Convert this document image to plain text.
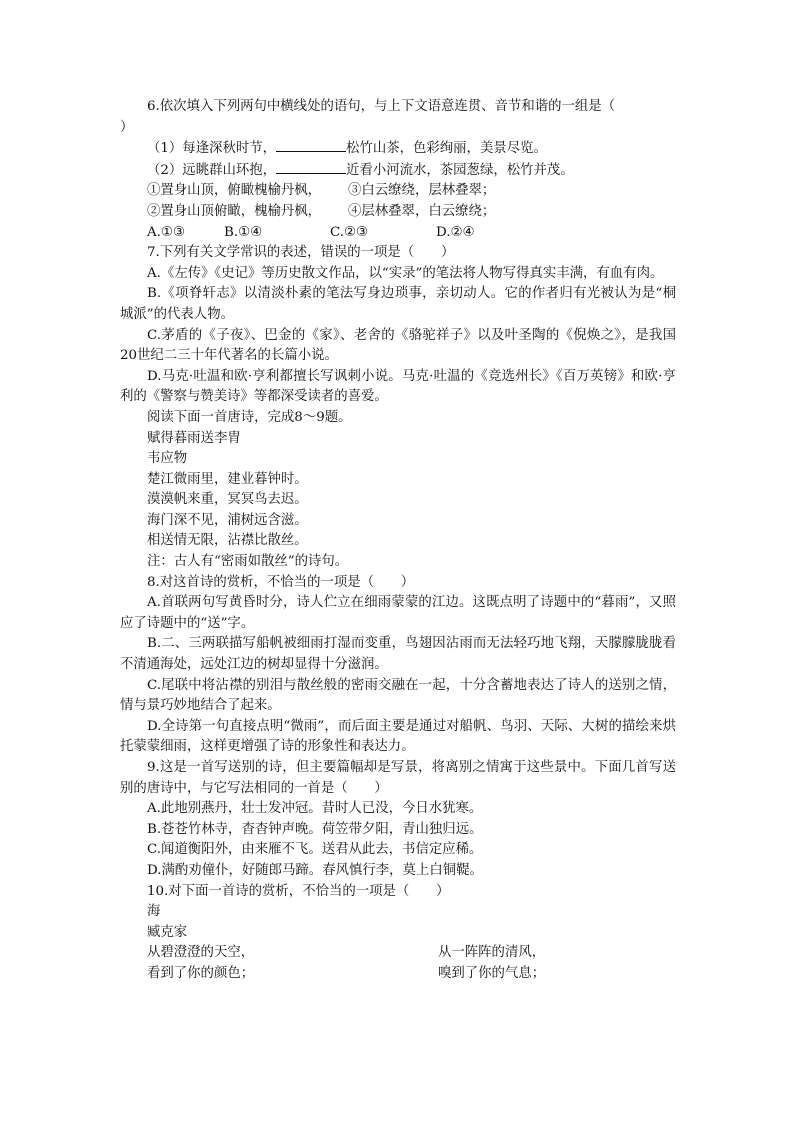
6.依次填入下列两句中横线处的语句，与上下文语意连贯、音节和谐的一组是（

）

（1）每逢深秋时节，	松竹山茶，色彩绚丽，美景尽览。

（2）远眺群山环抱，	近看小河流水，茶园葱绿，松竹并茂。

①置身山顶，俯瞰槐榆丹枫， ③白云缭绕，层林叠翠；

②置身山顶俯瞰，槐榆丹枫， ④层林叠翠，白云缭绕；

A.①③	B.①④	C.②③	D.②④

7.下列有关文学常识的表述，错误的一项是（　　）

A.《左传》《史记》等历史散文作品，以“实录”的笔法将人物写得真实丰满，有血有肉。

B.《项脊轩志》以清淡朴素的笔法写身边琐事，亲切动人。它的作者归有光被认为是“桐城派”的代表人物。

C.茅盾的《子夜》、巴金的《家》、老舍的《骆驼祥子》以及叶圣陶的《倪焕之》，是我国20世纪二三十年代著名的长篇小说。

D.马克·吐温和欧·亨利都擅长写讽刺小说。马克·吐温的《竞选州长》《百万英镑》和欧·亨利的《警察与赞美诗》等都深受读者的喜爱。

阅读下面一首唐诗，完成8～9题。

赋得暮雨送李胄

韦应物

楚江微雨里，建业暮钟时。

漠漠帆来重，冥冥鸟去迟。

海门深不见，浦树远含滋。

相送情无限，沾襟比散丝。

注：古人有“密雨如散丝”的诗句。

8.对这首诗的赏析，不恰当的一项是（　　）

A.首联两句写黄昏时分，诗人伫立在细雨蒙蒙的江边。这既点明了诗题中的“暮雨”，又照应了诗题中的“送”字。

B.二、三两联描写船帆被细雨打湿而变重，鸟翅因沾雨而无法轻巧地飞翔，天朦朦胧胧看不清通海处，远处江边的树却显得十分滋润。

C.尾联中将沾襟的别泪与散丝般的密雨交融在一起，十分含蓄地表达了诗人的送别之情，情与景巧妙地结合了起来。

D.全诗第一句直接点明“微雨”，而后面主要是通过对船帆、鸟羽、天际、大树的描绘来烘托蒙蒙细雨，这样更增强了诗的形象性和表达力。

9.这是一首写送别的诗，但主要篇幅却是写景，将离别之情寓于这些景中。下面几首写送别的唐诗中，与它写法相同的一首是（　　）

A.此地别燕丹，壮士发冲冠。昔时人已没，今日水犹寒。

B.苍苍竹林寺，杳杳钟声晚。荷笠带夕阳，青山独归远。

C.闻道衡阳外，由来雁不飞。送君从此去，书信定应稀。

D.满酌劝僮仆，好随郎马蹄。春风慎行李，莫上白铜鞮。

10.对下面一首诗的赏析，不恰当的一项是（　　）

海

臧克家

从碧澄澄的天空，	从一阵阵的清风，

看到了你的颜色；	嗅到了你的气息；
